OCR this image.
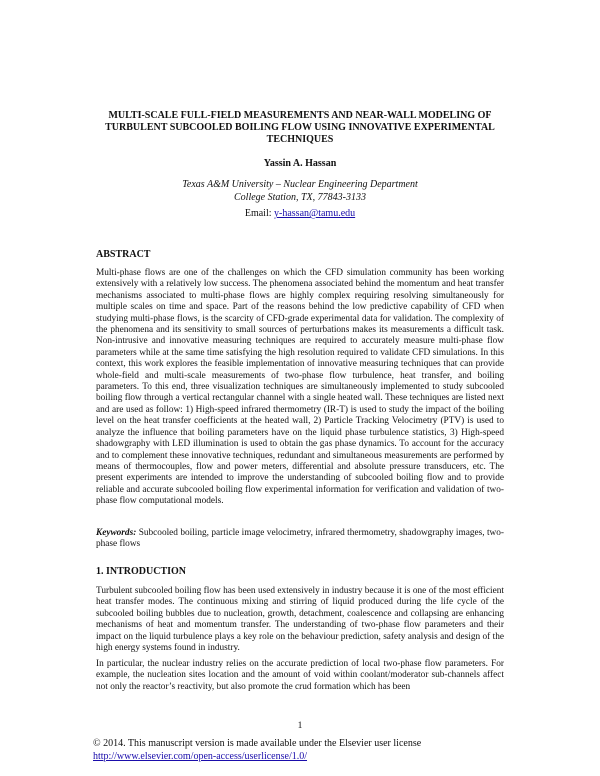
MULTI-SCALE FULL-FIELD MEASUREMENTS AND NEAR-WALL MODELING OF TURBULENT SUBCOOLED BOILING FLOW USING INNOVATIVE EXPERIMENTAL TECHNIQUES
Yassin A. Hassan
Texas A&M University – Nuclear Engineering Department
College Station, TX, 77843-3133
Email: y-hassan@tamu.edu
ABSTRACT
Multi-phase flows are one of the challenges on which the CFD simulation community has been working extensively with a relatively low success. The phenomena associated behind the momentum and heat transfer mechanisms associated to multi-phase flows are highly complex requiring resolving simultaneously for multiple scales on time and space. Part of the reasons behind the low predictive capability of CFD when studying multi-phase flows, is the scarcity of CFD-grade experimental data for validation. The complexity of the phenomena and its sensitivity to small sources of perturbations makes its measurements a difficult task. Non-intrusive and innovative measuring techniques are required to accurately measure multi-phase flow parameters while at the same time satisfying the high resolution required to validate CFD simulations. In this context, this work explores the feasible implementation of innovative measuring techniques that can provide whole-field and multi-scale measurements of two-phase flow turbulence, heat transfer, and boiling parameters. To this end, three visualization techniques are simultaneously implemented to study subcooled boiling flow through a vertical rectangular channel with a single heated wall. These techniques are listed next and are used as follow: 1) High-speed infrared thermometry (IR-T) is used to study the impact of the boiling level on the heat transfer coefficients at the heated wall, 2) Particle Tracking Velocimetry (PTV) is used to analyze the influence that boiling parameters have on the liquid phase turbulence statistics, 3) High-speed shadowgraphy with LED illumination is used to obtain the gas phase dynamics. To account for the accuracy and to complement these innovative techniques, redundant and simultaneous measurements are performed by means of thermocouples, flow and power meters, differential and absolute pressure transducers, etc. The present experiments are intended to improve the understanding of subcooled boiling flow and to provide reliable and accurate subcooled boiling flow experimental information for verification and validation of two-phase flow computational models.
Keywords: Subcooled boiling, particle image velocimetry, infrared thermometry, shadowgraphy images, two-phase flows
1. INTRODUCTION
Turbulent subcooled boiling flow has been used extensively in industry because it is one of the most efficient heat transfer modes. The continuous mixing and stirring of liquid produced during the life cycle of the subcooled boiling bubbles due to nucleation, growth, detachment, coalescence and collapsing are enhancing mechanisms of heat and momentum transfer. The understanding of two-phase flow parameters and their impact on the liquid turbulence plays a key role on the behaviour prediction, safety analysis and design of the high energy systems found in industry.
In particular, the nuclear industry relies on the accurate prediction of local two-phase flow parameters. For example, the nucleation sites location and the amount of void within coolant/moderator sub-channels affect not only the reactor’s reactivity, but also promote the crud formation which has been
1
© 2014. This manuscript version is made available under the Elsevier user license
http://www.elsevier.com/open-access/userlicense/1.0/
